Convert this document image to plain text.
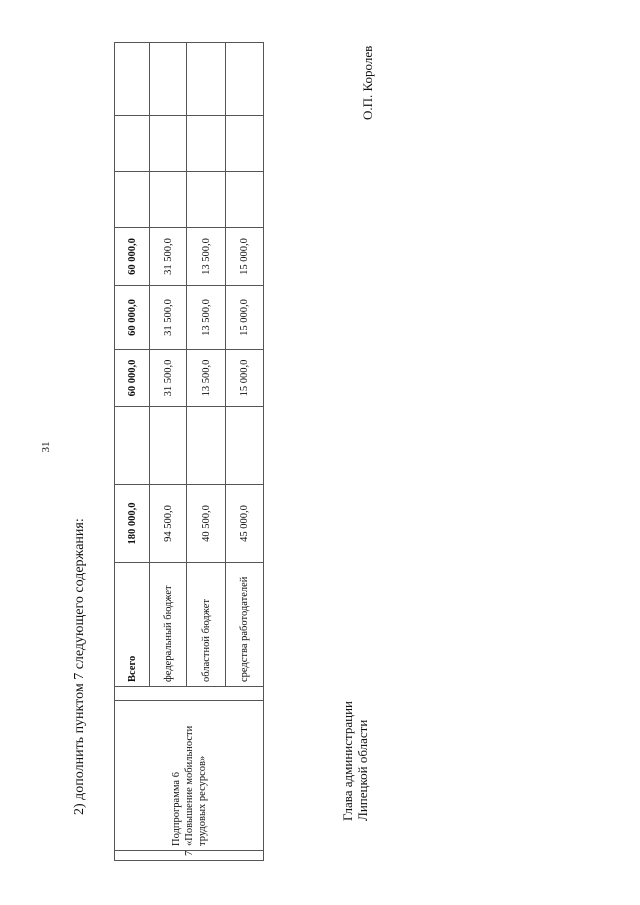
31
2) дополнить пунктом 7 следующего содержания:
7	Подпрограмма 6 «Повышение мобильности трудовых ресурсов»		Всего	180 000,0		60 000,0	60 000,0	60 000,0			
			федеральный бюджет	94 500,0		31 500,0	31 500,0	31 500,0			
			областной бюджет	40 500,0		13 500,0	13 500,0	13 500,0			
			средства работодателей	45 000,0		15 000,0	15 000,0	15 000,0			
Глава администрации Липецкой области
О.П. Королев
